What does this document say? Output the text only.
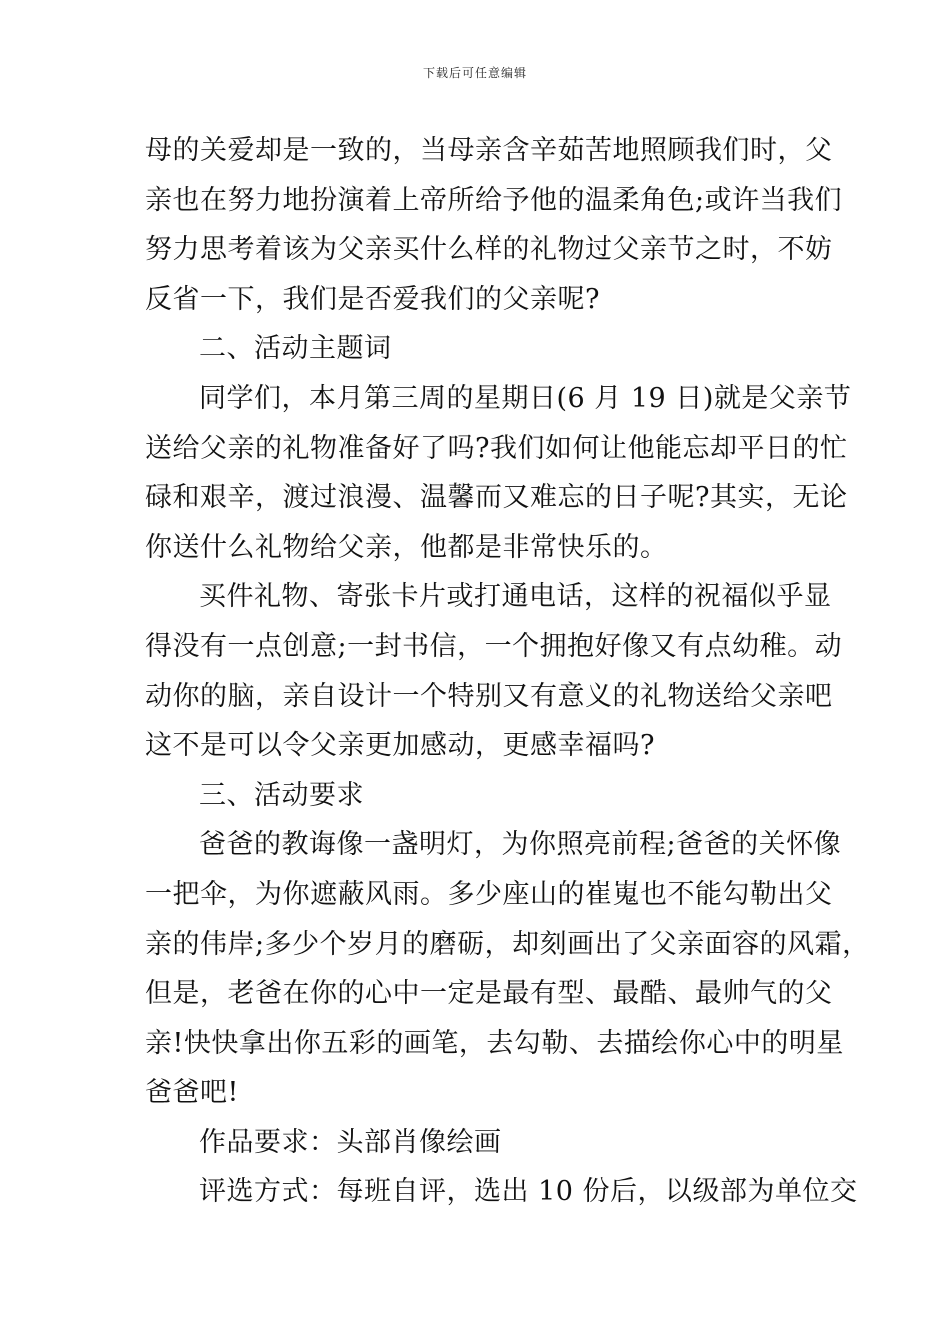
下载后可任意编辑
母的关爱却是一致的，当母亲含辛茹苦地照顾我们时，父
亲也在努力地扮演着上帝所给予他的温柔角色;或许当我们
努力思考着该为父亲买什么样的礼物过父亲节之时，不妨
反省一下，我们是否爱我们的父亲呢?
二、活动主题词
同学们，本月第三周的星期日(6 月 19 日)就是父亲节
送给父亲的礼物准备好了吗?我们如何让他能忘却平日的忙
碌和艰辛，渡过浪漫、温馨而又难忘的日子呢?其实，无论
你送什么礼物给父亲，他都是非常快乐的。
买件礼物、寄张卡片或打通电话，这样的祝福似乎显
得没有一点创意;一封书信，一个拥抱好像又有点幼稚。动
动你的脑，亲自设计一个特别又有意义的礼物送给父亲吧
这不是可以令父亲更加感动，更感幸福吗?
三、活动要求
爸爸的教诲像一盏明灯，为你照亮前程;爸爸的关怀像
一把伞，为你遮蔽风雨。多少座山的崔嵬也不能勾勒出父
亲的伟岸;多少个岁月的磨砺，却刻画出了父亲面容的风霜，
但是，老爸在你的心中一定是最有型、最酷、最帅气的父
亲!快快拿出你五彩的画笔，去勾勒、去描绘你心中的明星
爸爸吧!
作品要求：头部肖像绘画
评选方式：每班自评，选出 10 份后，以级部为单位交
